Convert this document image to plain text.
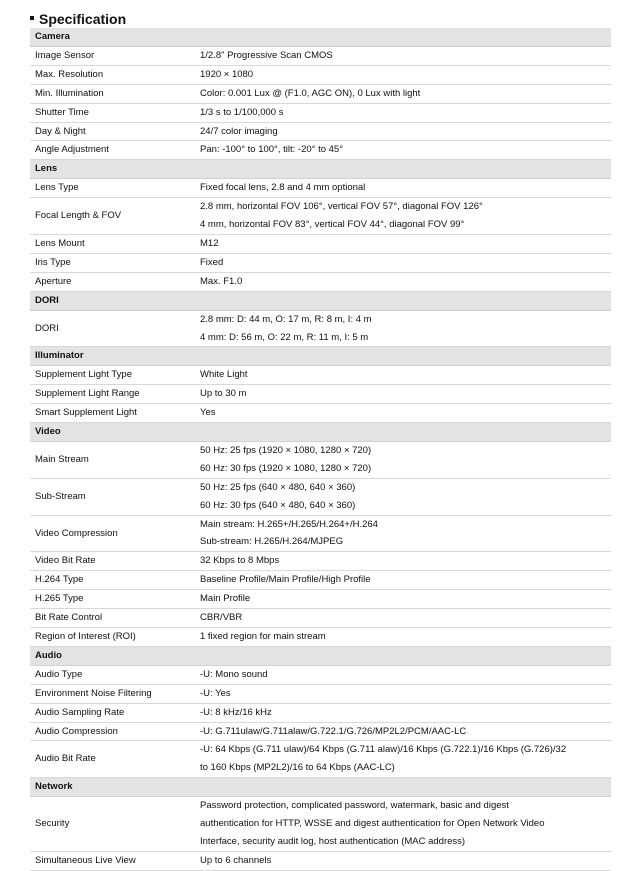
Specification
Camera	
Image Sensor	1/2.8" Progressive Scan CMOS

Max. Resolution	1920 × 1080

Min. Illumination	Color: 0.001 Lux @ (F1.0, AGC ON), 0 Lux with light

Shutter Time	1/3 s to 1/100,000 s

Day & Night	24/7 color imaging

Angle Adjustment	Pan: -100° to 100°, tilt: -20° to 45°

Lens	
Lens Type	Fixed focal lens, 2.8 and 4 mm optional

Focal Length & FOV	2.8 mm, horizontal FOV 106°, vertical FOV 57°, diagonal FOV 126°
4 mm, horizontal FOV 83°, vertical FOV 44°, diagonal FOV 99°

Lens Mount	M12

Iris Type	Fixed

Aperture	Max. F1.0

DORI	
DORI	2.8 mm: D: 44 m, O: 17 m, R: 8 m, I: 4 m
4 mm: D: 56 m, O: 22 m, R: 11 m, I: 5 m

Illuminator	
Supplement Light Type	White Light

Supplement Light Range	Up to 30 m

Smart Supplement Light	Yes

Video	
Main Stream	50 Hz: 25 fps (1920 × 1080, 1280 × 720)
60 Hz: 30 fps (1920 × 1080, 1280 × 720)

Sub-Stream	50 Hz: 25 fps (640 × 480, 640 × 360)
60 Hz: 30 fps (640 × 480, 640 × 360)

Video Compression	Main stream: H.265+/H.265/H.264+/H.264
Sub-stream: H.265/H.264/MJPEG

Video Bit Rate	32 Kbps to 8 Mbps

H.264 Type	Baseline Profile/Main Profile/High Profile

H.265 Type	Main Profile

Bit Rate Control	CBR/VBR

Region of Interest (ROI)	1 fixed region for main stream

Audio	
Audio Type	-U: Mono sound

Environment Noise Filtering	-U: Yes

Audio Sampling Rate	-U: 8 kHz/16 kHz

Audio Compression	-U: G.711ulaw/G.711alaw/G.722.1/G.726/MP2L2/PCM/AAC-LC

Audio Bit Rate	-U: 64 Kbps (G.711 ulaw)/64 Kbps (G.711 alaw)/16 Kbps (G.722.1)/16 Kbps (G.726)/32
to 160 Kbps (MP2L2)/16 to 64 Kbps (AAC-LC)

Network	
Security	Password protection, complicated password, watermark, basic and digest
authentication for HTTP, WSSE and digest authentication for Open Network Video
Interface, security audit log, host authentication (MAC address)

Simultaneous Live View	Up to 6 channels
